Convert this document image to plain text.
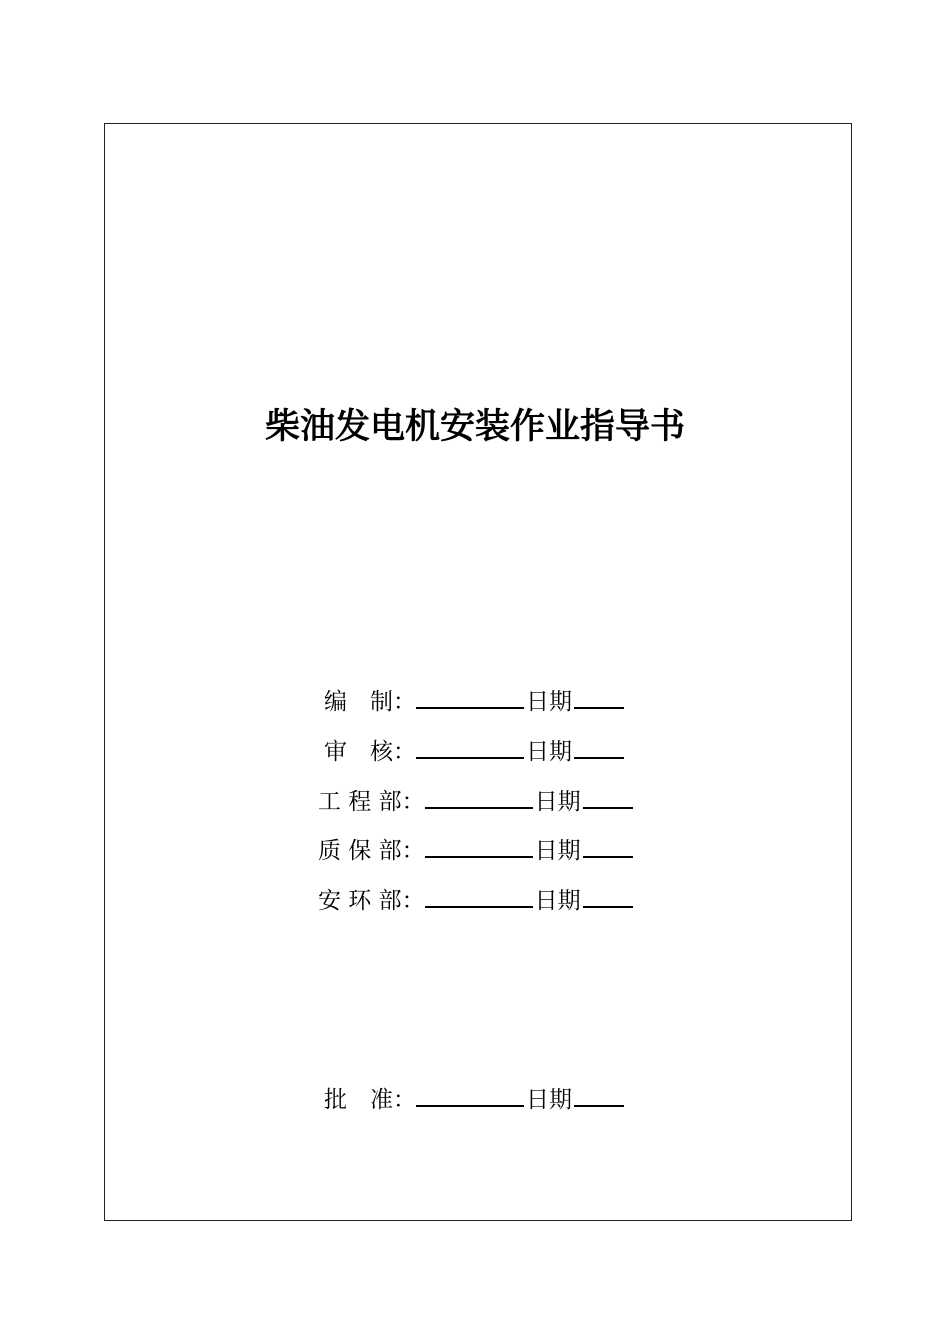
柴油发电机安装作业指导书
编　制：	日期
审　核：	日期
工 程 部：	日期
质 保 部：	日期
安 环 部：	日期
批　准：	日期
